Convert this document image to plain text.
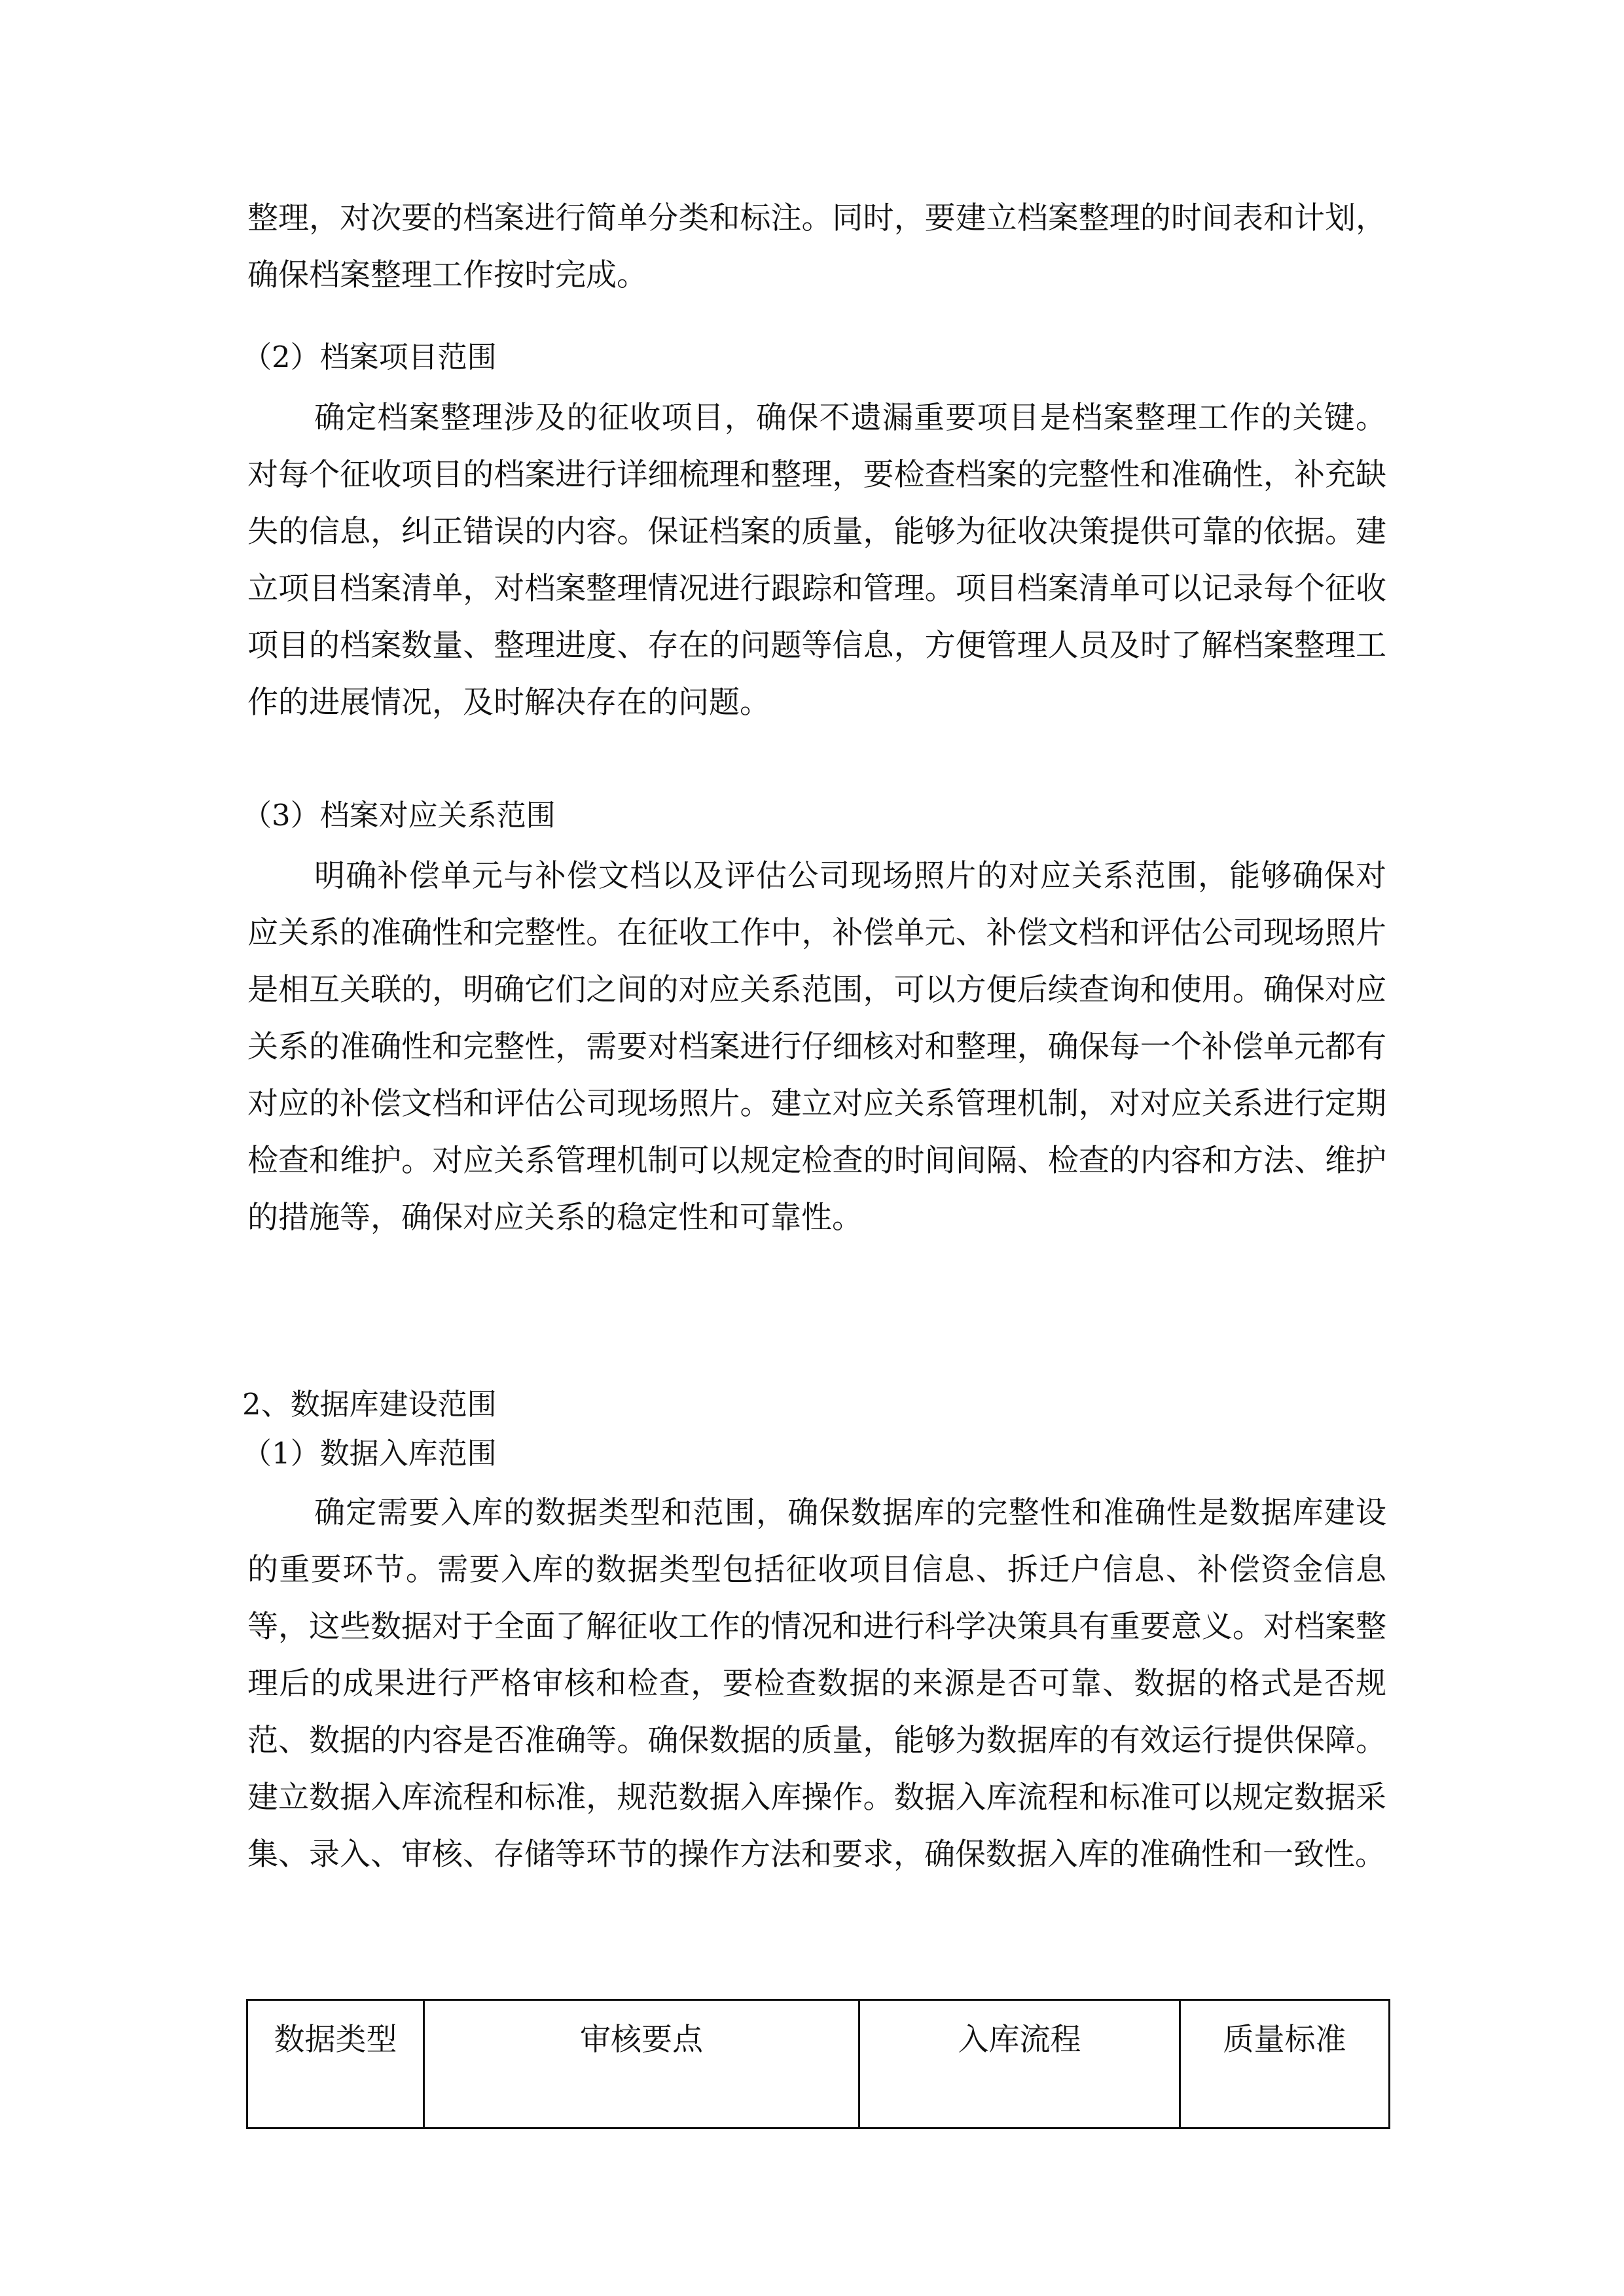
整理，对次要的档案进行简单分类和标注。同时，要建立档案整理的时间表和计划，确保档案整理工作按时完成。

（2）档案项目范围

确定档案整理涉及的征收项目，确保不遗漏重要项目是档案整理工作的关键。对每个征收项目的档案进行详细梳理和整理，要检查档案的完整性和准确性，补充缺失的信息，纠正错误的内容。保证档案的质量，能够为征收决策提供可靠的依据。建立项目档案清单，对档案整理情况进行跟踪和管理。项目档案清单可以记录每个征收项目的档案数量、整理进度、存在的问题等信息，方便管理人员及时了解档案整理工作的进展情况，及时解决存在的问题。

（3）档案对应关系范围

明确补偿单元与补偿文档以及评估公司现场照片的对应关系范围，能够确保对应关系的准确性和完整性。在征收工作中，补偿单元、补偿文档和评估公司现场照片是相互关联的，明确它们之间的对应关系范围，可以方便后续查询和使用。确保对应关系的准确性和完整性，需要对档案进行仔细核对和整理，确保每一个补偿单元都有对应的补偿文档和评估公司现场照片。建立对应关系管理机制，对对应关系进行定期检查和维护。对应关系管理机制可以规定检查的时间间隔、检查的内容和方法、维护的措施等，确保对应关系的稳定性和可靠性。

2、数据库建设范围

（1）数据入库范围

确定需要入库的数据类型和范围，确保数据库的完整性和准确性是数据库建设的重要环节。需要入库的数据类型包括征收项目信息、拆迁户信息、补偿资金信息等，这些数据对于全面了解征收工作的情况和进行科学决策具有重要意义。对档案整理后的成果进行严格审核和检查，要检查数据的来源是否可靠、数据的格式是否规范、数据的内容是否准确等。确保数据的质量，能够为数据库的有效运行提供保障。建立数据入库流程和标准，规范数据入库操作。数据入库流程和标准可以规定数据采集、录入、审核、存储等环节的操作方法和要求，确保数据入库的准确性和一致性。

数据类型	审核要点	入库流程	质量标准
